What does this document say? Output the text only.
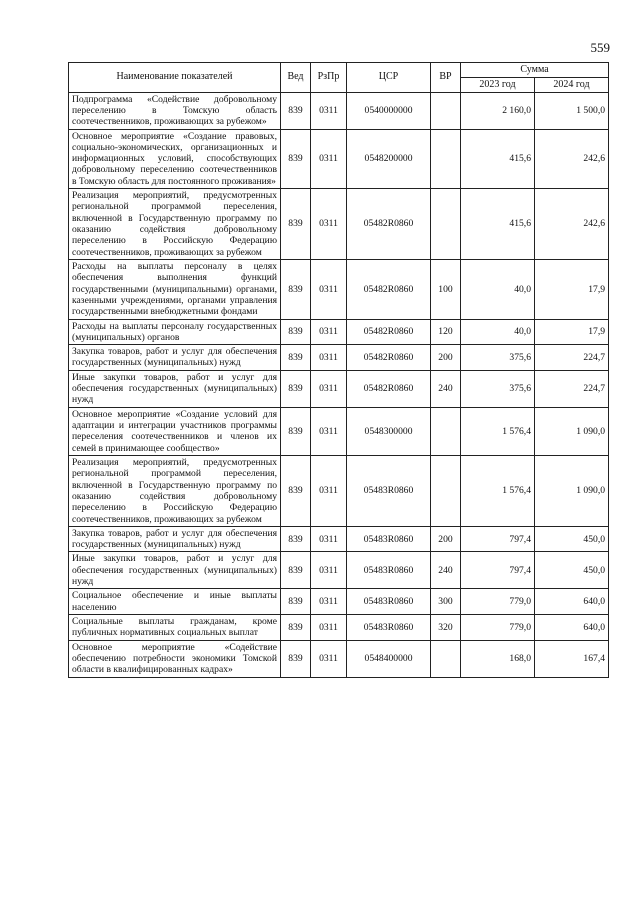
559
Наименование показателей	Вед	РзПр	ЦСР	ВР	Сумма	
					2023 год	2024 год
Подпрограмма «Содействие добровольному переселению в Томскую область соотечественников, проживающих за рубежом»	839	0311	0540000000		2 160,0	1 500,0
Основное мероприятие «Создание правовых, социально-экономических, организационных и информационных условий, способствующих добровольному переселению соотечественников в Томскую область для постоянного проживания»	839	0311	0548200000		415,6	242,6
Реализация мероприятий, предусмотренных региональной программой переселения, включенной в Государственную программу по оказанию содействия добровольному переселению в Российскую Федерацию соотечественников, проживающих за рубежом	839	0311	05482R0860		415,6	242,6
Расходы на выплаты персоналу в целях обеспечения выполнения функций государственными (муниципальными) органами, казенными учреждениями, органами управления государственными внебюджетными фондами	839	0311	05482R0860	100	40,0	17,9
Расходы на выплаты персоналу государственных (муниципальных) органов	839	0311	05482R0860	120	40,0	17,9
Закупка товаров, работ и услуг для обеспечения государственных (муниципальных) нужд	839	0311	05482R0860	200	375,6	224,7
Иные закупки товаров, работ и услуг для обеспечения государственных (муниципальных) нужд	839	0311	05482R0860	240	375,6	224,7
Основное мероприятие «Создание условий для адаптации и интеграции участников программы переселения соотечественников и членов их семей в принимающее сообщество»	839	0311	0548300000		1 576,4	1 090,0
Реализация мероприятий, предусмотренных региональной программой переселения, включенной в Государственную программу по оказанию содействия добровольному переселению в Российскую Федерацию соотечественников, проживающих за рубежом	839	0311	05483R0860		1 576,4	1 090,0
Закупка товаров, работ и услуг для обеспечения государственных (муниципальных) нужд	839	0311	05483R0860	200	797,4	450,0
Иные закупки товаров, работ и услуг для обеспечения государственных (муниципальных) нужд	839	0311	05483R0860	240	797,4	450,0
Социальное обеспечение и иные выплаты населению	839	0311	05483R0860	300	779,0	640,0
Социальные выплаты гражданам, кроме публичных нормативных социальных выплат	839	0311	05483R0860	320	779,0	640,0
Основное мероприятие «Содействие обеспечению потребности экономики Томской области в квалифицированных кадрах»	839	0311	0548400000		168,0	167,4
